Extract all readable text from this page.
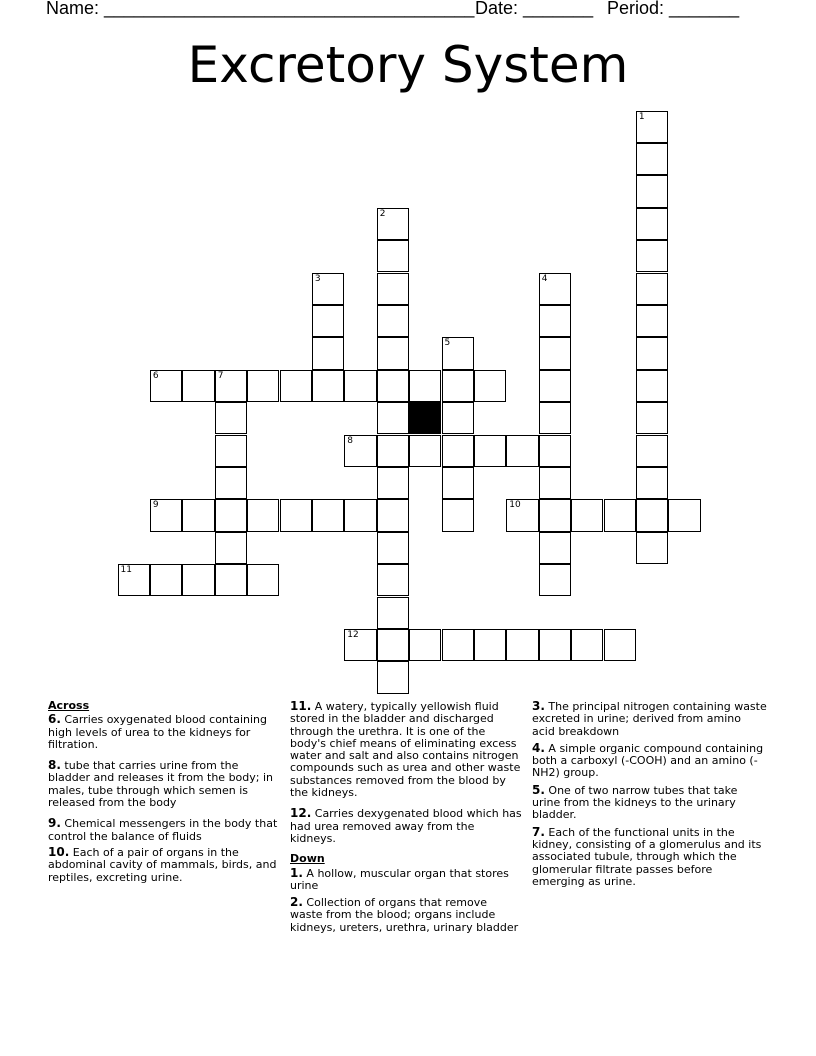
Name: _____________________________________

Date: _______

Period: _______

Excretory System
1
2
3	4
5
7
6
8
9	10
11
12
Across
6. Carries oxygenated blood containing high levels of urea to the kidneys for filtration.
8. tube that carries urine from the bladder and releases it from the body; in males, tube through which semen is released from the body
9. Chemical messengers in the body that control the balance of fluids
10. Each of a pair of organs in the abdominal cavity of mammals, birds, and reptiles, excreting urine.
11. A watery, typically yellowish fluid stored in the bladder and discharged through the urethra. It is one of the body's chief means of eliminating excess water and salt and also contains nitrogen compounds such as urea and other waste substances removed from the blood by the kidneys.
12. Carries dexygenated blood which has had urea removed away from the kidneys.
Down
1. A hollow, muscular organ that stores urine
2. Collection of organs that remove waste from the blood; organs include kidneys, ureters, urethra, urinary bladder
3. The principal nitrogen containing waste excreted in urine; derived from amino acid breakdown
4. A simple organic compound containing both a carboxyl (-COOH) and an amino (-NH2) group.
5. One of two narrow tubes that take urine from the kidneys to the urinary bladder.
7. Each of the functional units in the kidney, consisting of a glomerulus and its associated tubule, through which the glomerular filtrate passes before emerging as urine.
